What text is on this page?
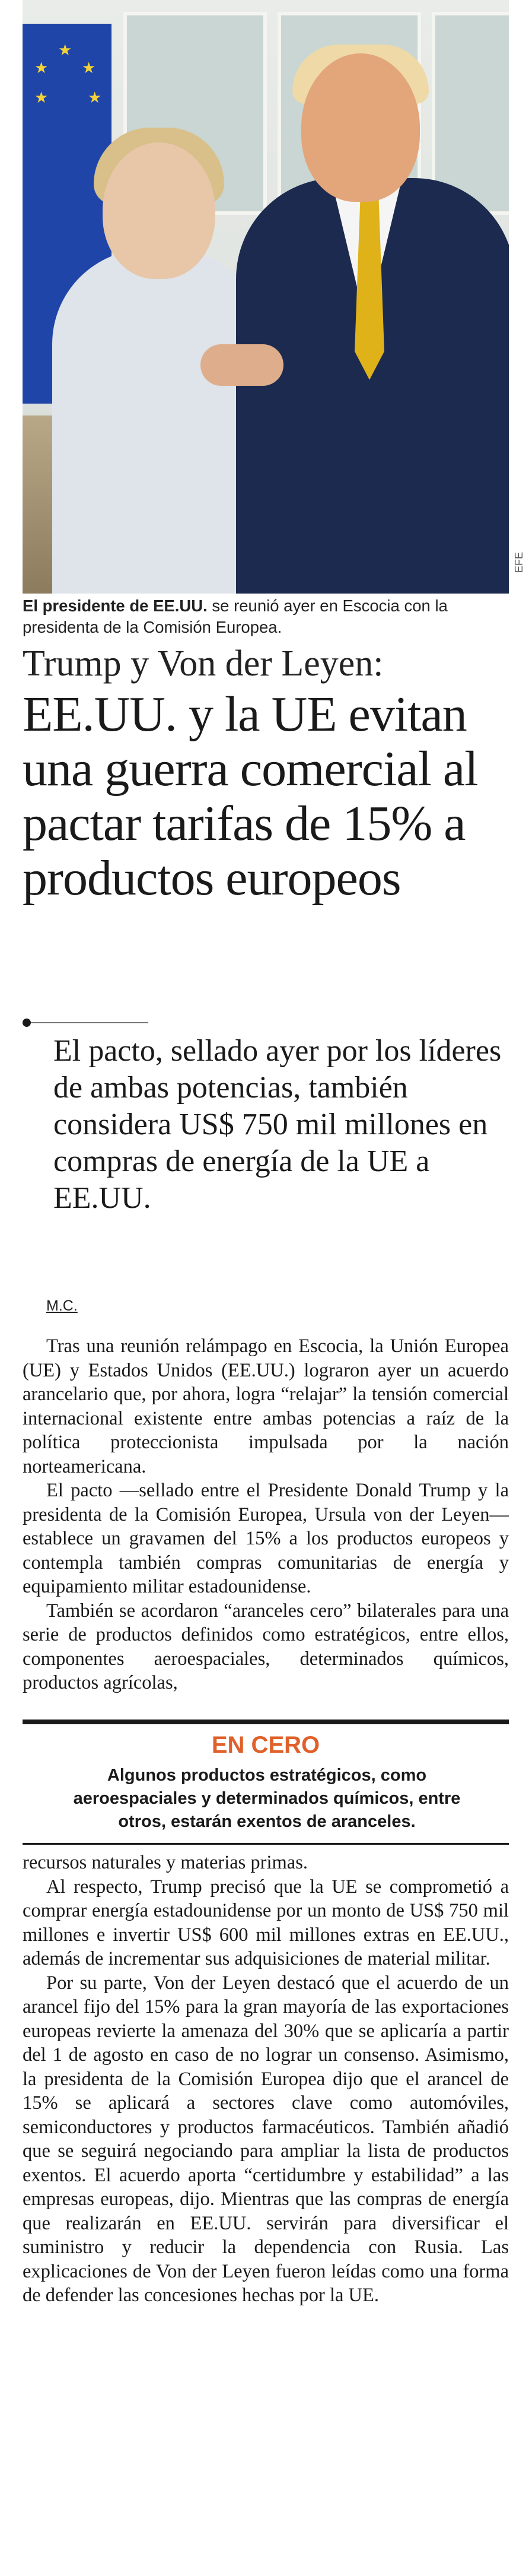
★
★
★
★
★
EFE
El presidente de EE.UU. se reunió ayer en Escocia con la presidenta de la Comisión Europea.
Trump y Von der Leyen:
EE.UU. y la UE evitan una guerra comercial al pactar tarifas de 15% a productos europeos
El pacto, sellado ayer por los líderes de ambas potencias, también considera US$ 750 mil millones en compras de energía de la UE a EE.UU.
M.C.

Tras una reunión relámpago en Escocia, la Unión Europea (UE) y Estados Unidos (EE.UU.) lograron ayer un acuerdo arancelario que, por ahora, logra “relajar” la tensión comercial internacional existente entre ambas potencias a raíz de la política proteccionista impulsada por la nación norteamericana.

El pacto —sellado entre el Presidente Donald Trump y la presidenta de la Comisión Europea, Ursula von der Leyen— establece un gravamen del 15% a los productos europeos y contempla también compras comunitarias de energía y equipamiento militar estadounidense.

También se acordaron “aranceles cero” bilaterales para una serie de productos definidos como estratégicos, entre ellos, componentes aeroespaciales, determinados químicos, productos agrícolas,

EN CERO
Algunos productos estratégicos, como aeroespaciales y determinados químicos, entre otros, estarán exentos de aranceles.

recursos naturales y materias primas.

Al respecto, Trump precisó que la UE se comprometió a comprar energía estadounidense por un monto de US$ 750 mil millones e invertir US$ 600 mil millones extras en EE.UU., además de incrementar sus adquisiciones de material militar.

Por su parte, Von der Leyen destacó que el acuerdo de un arancel fijo del 15% para la gran mayoría de las exportaciones europeas revierte la amenaza del 30% que se aplicaría a partir del 1 de agosto en caso de no lograr un consenso. Asimismo, la presidenta de la Comisión Europea dijo que el arancel de 15% se aplicará a sectores clave como automóviles, semiconductores y productos farmacéuticos. También añadió que se seguirá negociando para ampliar la lista de productos exentos. El acuerdo aporta “certidumbre y estabilidad” a las empresas europeas, dijo. Mientras que las compras de energía que realizarán en EE.UU. servirán para diversificar el suministro y reducir la dependencia con Rusia. Las explicaciones de Von der Leyen fueron leídas como una forma de defender las concesiones hechas por la UE.
